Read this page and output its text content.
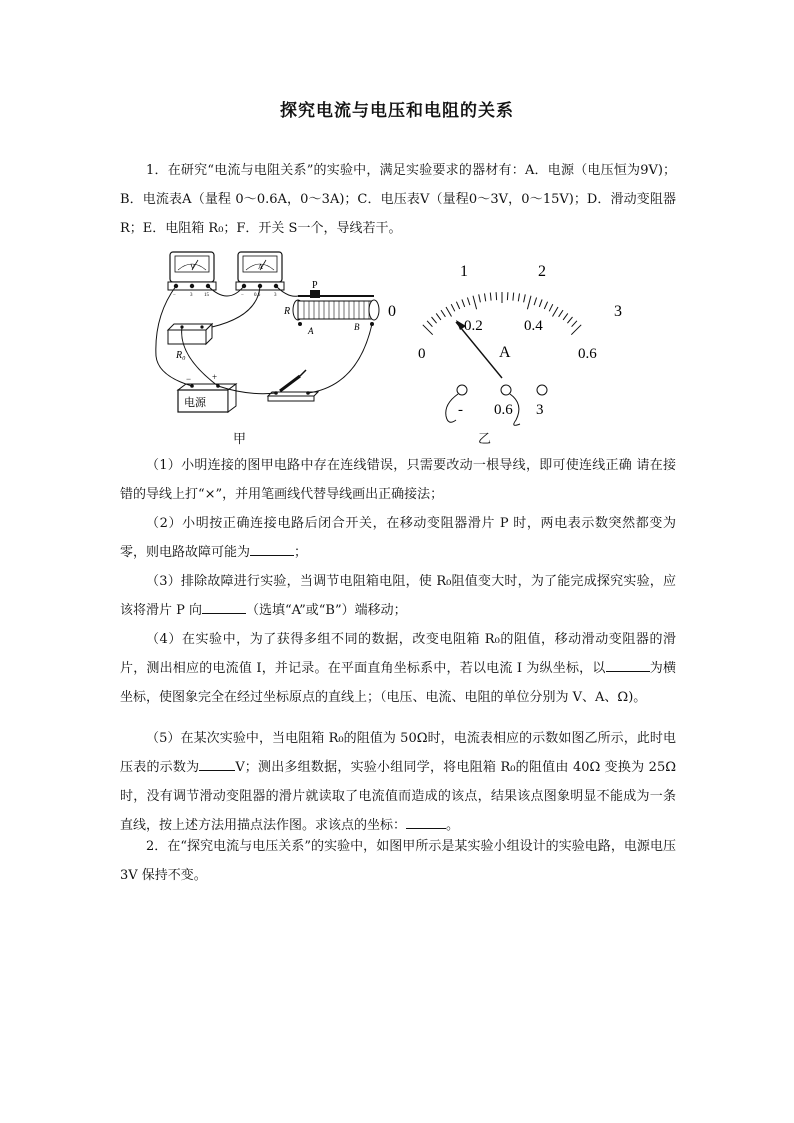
探究电流与电压和电阻的关系
1．在研究“电流与电阻关系”的实验中，满足实验要求的器材有：A．电源（电压恒为9V)；B．电流表A（量程 0～0.6A，0～3A)；C．电压表V（量程0～3V，0～15V)；D．滑动变阻器 R；E．电阻箱 R₀；F．开关 S一个，导线若干。
V
−	3 15
A
− 0.6	3
P
R
A	B
R₀
电源
− +
甲
0
1	2
3
0
0.2	0.4
0.6
A
- 0.6 3
乙
（1）小明连接的图甲电路中存在连线错误，只需要改动一根导线，即可使连线正确 请在接错的导线上打“×”，并用笔画线代替导线画出正确接法；
（2）小明按正确连接电路后闭合开关，在移动变阻器滑片 P 时，两电表示数突然都变为零，则电路故障可能为	；
（3）排除故障进行实验，当调节电阻箱电阻，使 R₀阻值变大时，为了能完成探究实验，应该将滑片 P 向	（选填“A”或“B”）端移动；
（4）在实验中，为了获得多组不同的数据，改变电阻箱 R₀的阻值，移动滑动变阻器的滑片，测出相应的电流值 I，并记录。在平面直角坐标系中，若以电流 I 为纵坐标，以	为横坐标，使图象完全在经过坐标原点的直线上；（电压、电流、电阻的单位分别为 V、A、Ω)。
（5）在某次实验中，当电阻箱 R₀的阻值为 50Ω时，电流表相应的示数如图乙所示，此时电压表的示数为	V；测出多组数据，实验小组同学，将电阻箱 R₀的阻值由 40Ω 变换为 25Ω时，没有调节滑动变阻器的滑片就读取了电流值而造成的该点，结果该点图象明显不能成为一条直线，按上述方法用描点法作图。求该点的坐标：	。
2．在“探究电流与电压关系”的实验中，如图甲所示是某实验小组设计的实验电路，电源电压 3V 保持不变。
